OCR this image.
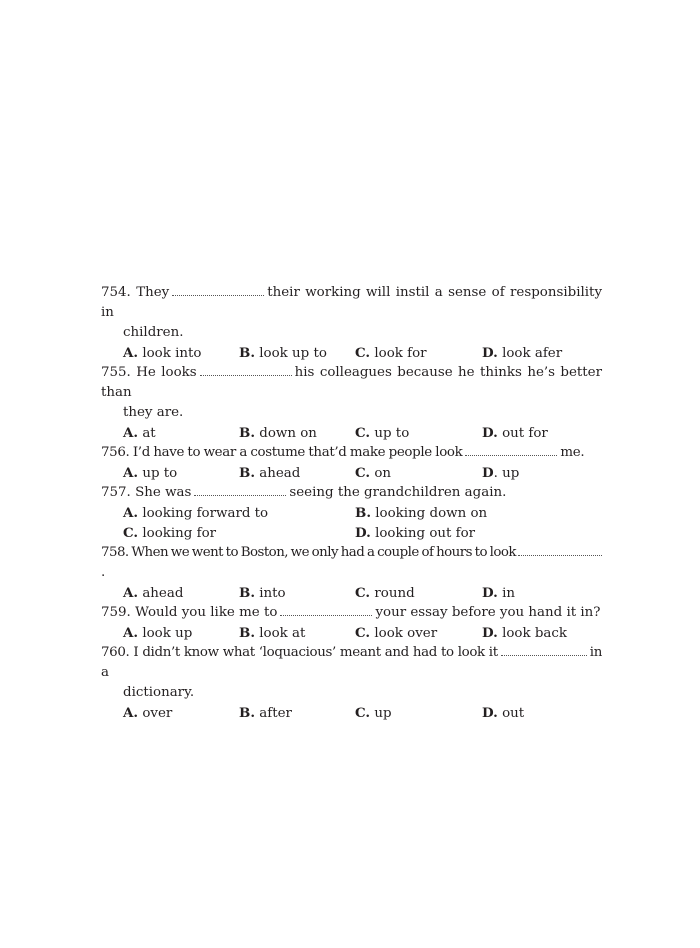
754. They	their working will instil a sense of responsibility in
children.
A. look into	B. look up to C. look for	D. look afer
755. He looks	his colleagues because he thinks he’s better than
they are.
A. at	B. down on	C. up to	D. out for
756. I’d have to wear a costume that’d make people look	me.
A. up to	B. ahead	C. on	D. up
757. She was	seeing the grandchildren again.
A. looking forward to	B. looking down on
C. looking for	D. looking out for
758. When we went to Boston, we only had a couple of hours to look.
A. ahead	B. into	C. round	D. in
759. Would you like me to	your essay before you hand it in?
A. look up	B. look at	C. look over	D. look back
760. I didn’t know what ‘loquacious’ meant and had to look it	in a
dictionary.
A. over	B. after	C. up	D. out
